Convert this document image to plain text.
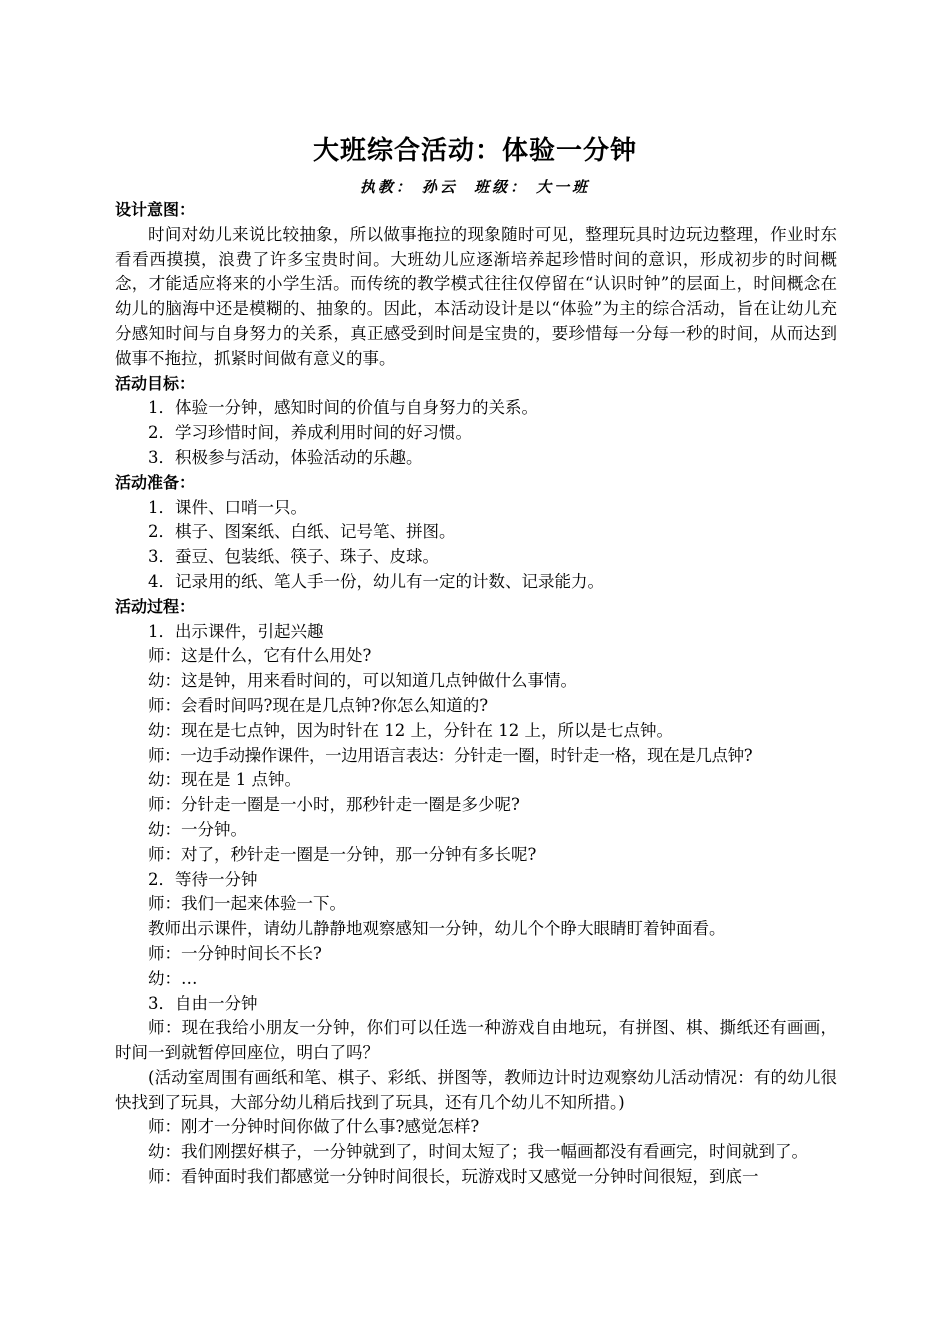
大班综合活动：体验一分钟
执教： 孙云 班级： 大一班
设计意图：
时间对幼儿来说比较抽象，所以做事拖拉的现象随时可见，整理玩具时边玩边整理，作业时东看看西摸摸，浪费了许多宝贵时间。大班幼儿应逐渐培养起珍惜时间的意识，形成初步的时间概念，才能适应将来的小学生活。而传统的教学模式往往仅停留在“认识时钟”的层面上，时间概念在幼儿的脑海中还是模糊的、抽象的。因此，本活动设计是以“体验”为主的综合活动，旨在让幼儿充分感知时间与自身努力的关系，真正感受到时间是宝贵的，要珍惜每一分每一秒的时间，从而达到做事不拖拉，抓紧时间做有意义的事。
活动目标：
1．体验一分钟，感知时间的价值与自身努力的关系。
2．学习珍惜时间，养成利用时间的好习惯。
3．积极参与活动，体验活动的乐趣。
活动准备：
1．课件、口哨一只。
2．棋子、图案纸、白纸、记号笔、拼图。
3．蚕豆、包装纸、筷子、珠子、皮球。
4．记录用的纸、笔人手一份，幼儿有一定的计数、记录能力。
活动过程：
1．出示课件，引起兴趣
师：这是什么，它有什么用处?
幼：这是钟，用来看时间的，可以知道几点钟做什么事情。
师：会看时间吗?现在是几点钟?你怎么知道的?
幼：现在是七点钟，因为时针在 12 上，分针在 12 上，所以是七点钟。
师：一边手动操作课件，一边用语言表达：分针走一圈，时针走一格，现在是几点钟?
幼：现在是 1 点钟。
师：分针走一圈是一小时，那秒针走一圈是多少呢?
幼：一分钟。
师：对了，秒针走一圈是一分钟，那一分钟有多长呢?
2．等待一分钟
师：我们一起来体验一下。
教师出示课件，请幼儿静静地观察感知一分钟，幼儿个个睁大眼睛盯着钟面看。
师：一分钟时间长不长?
幼：…
3．自由一分钟
师：现在我给小朋友一分钟，你们可以任选一种游戏自由地玩，有拼图、棋、撕纸还有画画，时间一到就暂停回座位，明白了吗？
(活动室周围有画纸和笔、棋子、彩纸、拼图等，教师边计时边观察幼儿活动情况：有的幼儿很快找到了玩具，大部分幼儿稍后找到了玩具，还有几个幼儿不知所措。)
师：刚才一分钟时间你做了什么事?感觉怎样?
幼：我们刚摆好棋子，一分钟就到了，时间太短了；我一幅画都没有看画完，时间就到了。
师：看钟面时我们都感觉一分钟时间很长，玩游戏时又感觉一分钟时间很短，到底一
